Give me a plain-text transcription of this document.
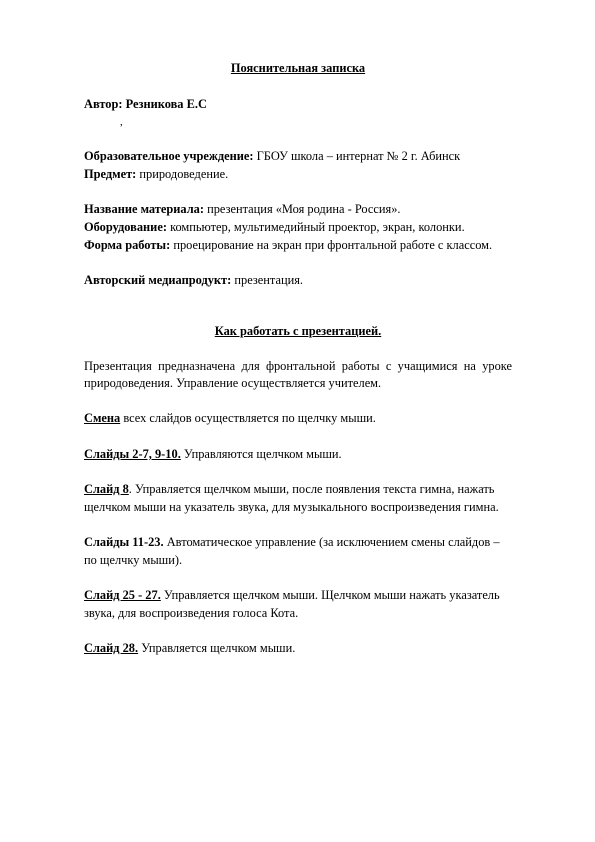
Пояснительная записка
Автор: Резникова Е.С
,
Образовательное учреждение: ГБОУ школа – интернат № 2 г. Абинск
Предмет: природоведение.
Название материала: презентация «Моя родина - Россия».
Оборудование: компьютер, мультимедийный проектор, экран, колонки.
Форма работы: проецирование на экран при фронтальной работе с классом.
Авторский медиапродукт: презентация.
Как работать с презентацией.
Презентация предназначена для фронтальной работы с учащимися на уроке природоведения. Управление осуществляется учителем.
Смена всех слайдов осуществляется по щелчку мыши.
Слайды 2-7, 9-10. Управляются щелчком мыши.
Слайд 8. Управляется щелчком мыши, после появления текста гимна, нажать
щелчком мыши на указатель звука, для музыкального воспроизведения гимна.
Слайды 11-23. Автоматическое управление (за исключением смены слайдов –
по щелчку мыши).
Слайд 25 - 27. Управляется щелчком мыши. Щелчком мыши нажать указатель
звука, для воспроизведения голоса Кота.
Слайд 28. Управляется щелчком мыши.
